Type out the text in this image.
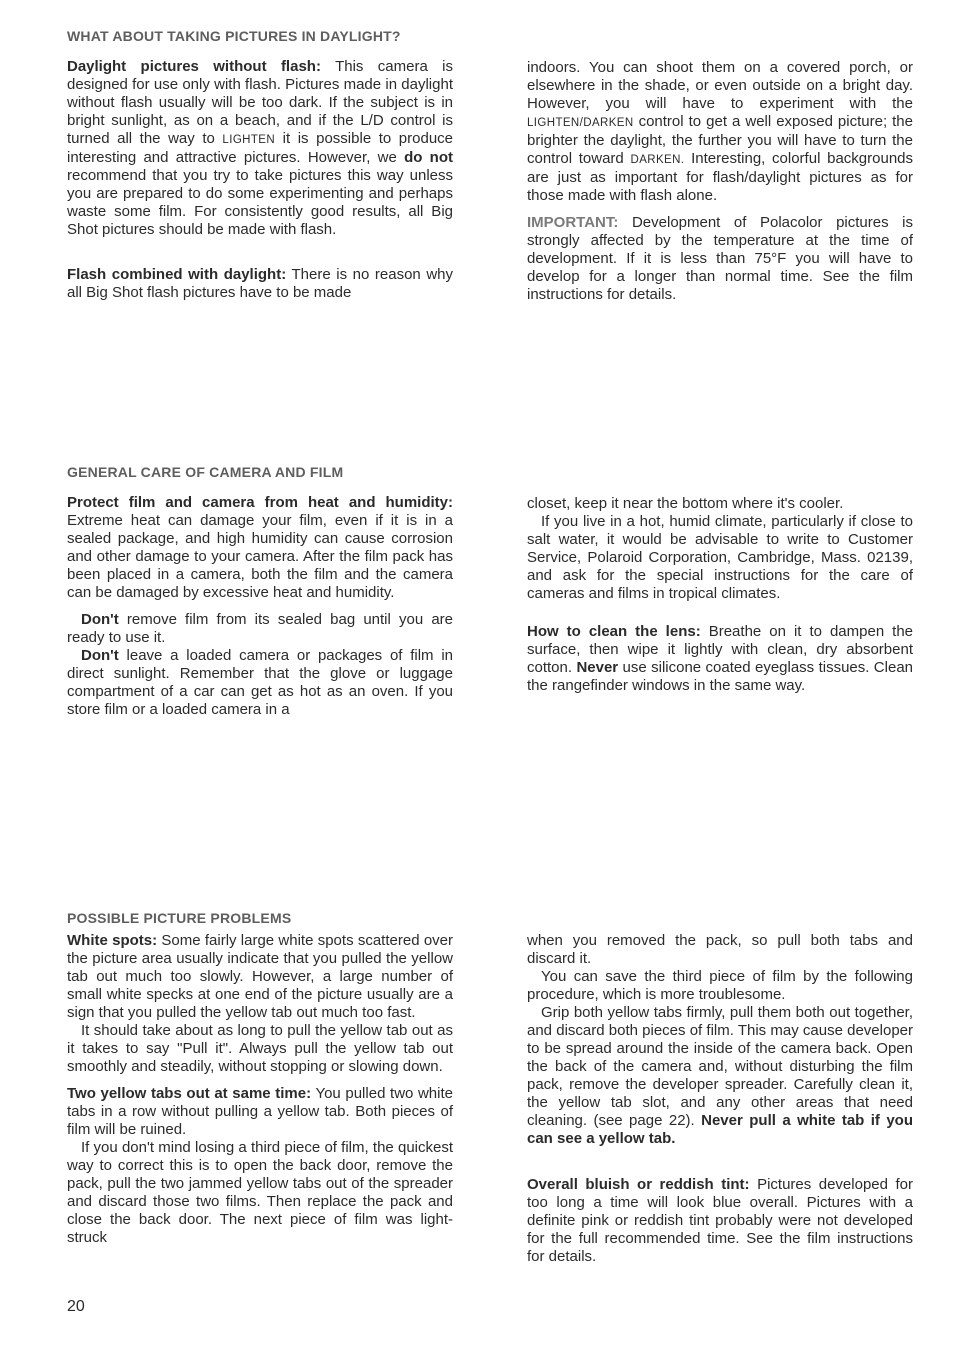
WHAT ABOUT TAKING PICTURES IN DAYLIGHT?

Daylight pictures without flash: This camera is designed for use only with flash. Pictures made in daylight without flash usually will be too dark. If the subject is in bright sunlight, as on a beach, and if the L/D control is turned all the way to LIGHTEN it is possible to produce interesting and attractive pictures. However, we do not recommend that you try to take pictures this way unless you are prepared to do some experimenting and perhaps waste some film. For consistently good results, all Big Shot pictures should be made with flash.

Flash combined with daylight: There is no reason why all Big Shot flash pictures have to be made

indoors. You can shoot them on a covered porch, or elsewhere in the shade, or even outside on a bright day. However, you will have to experiment with the LIGHTEN/DARKEN control to get a well exposed picture; the brighter the daylight, the further you will have to turn the control toward DARKEN. Interesting, colorful backgrounds are just as important for flash/daylight pictures as for those made with flash alone.

IMPORTANT: Development of Polacolor pictures is strongly affected by the temperature at the time of development. If it is less than 75°F you will have to develop for a longer than normal time. See the film instructions for details.

GENERAL CARE OF CAMERA AND FILM

Protect film and camera from heat and humidity: Extreme heat can damage your film, even if it is in a sealed package, and high humidity can cause corrosion and other damage to your camera. After the film pack has been placed in a camera, both the film and the camera can be damaged by excessive heat and humidity.

Don't remove film from its sealed bag until you are ready to use it.

Don't leave a loaded camera or packages of film in direct sunlight. Remember that the glove or luggage compartment of a car can get as hot as an oven. If you store film or a loaded camera in a

closet, keep it near the bottom where it's cooler.

If you live in a hot, humid climate, particularly if close to salt water, it would be advisable to write to Customer Service, Polaroid Corporation, Cambridge, Mass. 02139, and ask for the special instructions for the care of cameras and films in tropical climates.

How to clean the lens: Breathe on it to dampen the surface, then wipe it lightly with clean, dry absorbent cotton. Never use silicone coated eyeglass tissues. Clean the rangefinder windows in the same way.

POSSIBLE PICTURE PROBLEMS

White spots: Some fairly large white spots scattered over the picture area usually indicate that you pulled the yellow tab out much too slowly. However, a large number of small white specks at one end of the picture usually are a sign that you pulled the yellow tab out much too fast.

It should take about as long to pull the yellow tab out as it takes to say "Pull it". Always pull the yellow tab out smoothly and steadily, without stopping or slowing down.

Two yellow tabs out at same time: You pulled two white tabs in a row without pulling a yellow tab. Both pieces of film will be ruined.

If you don't mind losing a third piece of film, the quickest way to correct this is to open the back door, remove the pack, pull the two jammed yellow tabs out of the spreader and discard those two films. Then replace the pack and close the back door. The next piece of film was light-struck

when you removed the pack, so pull both tabs and discard it.

You can save the third piece of film by the following procedure, which is more troublesome.

Grip both yellow tabs firmly, pull them both out together, and discard both pieces of film. This may cause developer to be spread around the inside of the camera back. Open the back of the camera and, without disturbing the film pack, remove the developer spreader. Carefully clean it, the yellow tab slot, and any other areas that need cleaning. (see page 22). Never pull a white tab if you can see a yellow tab.

Overall bluish or reddish tint: Pictures developed for too long a time will look blue overall. Pictures with a definite pink or reddish tint probably were not developed for the full recommended time. See the film instructions for details.

20
